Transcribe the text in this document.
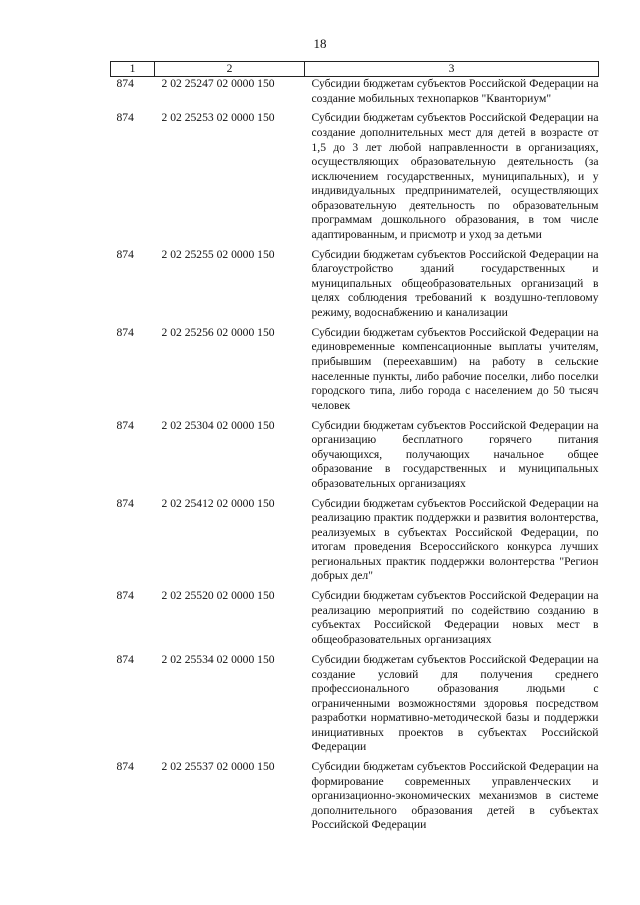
18
1	2	3
874	2 02 25247 02 0000 150	Субсидии бюджетам субъектов Российской Федерации на создание мобильных технопарков "Кванториум"
874	2 02 25253 02 0000 150	Субсидии бюджетам субъектов Российской Федерации на создание дополнительных мест для детей в возрасте от 1,5 до 3 лет любой направленности в организациях, осуществляющих образовательную деятельность (за исключением государственных, муниципальных), и у индивидуальных предпринимателей, осуществляющих образовательную деятельность по образовательным программам дошкольного образования, в том числе адаптированным, и присмотр и уход за детьми
874	2 02 25255 02 0000 150	Субсидии бюджетам субъектов Российской Федерации на благоустройство зданий государственных и муниципальных общеобразовательных организаций в целях соблюдения требований к воздушно-тепловому режиму, водоснабжению и канализации
874	2 02 25256 02 0000 150	Субсидии бюджетам субъектов Российской Федерации на единовременные компенсационные выплаты учителям, прибывшим (переехавшим) на работу в сельские населенные пункты, либо рабочие поселки, либо поселки городского типа, либо города с населением до 50 тысяч человек
874	2 02 25304 02 0000 150	Субсидии бюджетам субъектов Российской Федерации на организацию бесплатного горячего питания обучающихся, получающих начальное общее образование в государственных и муниципальных образовательных организациях
874	2 02 25412 02 0000 150	Субсидии бюджетам субъектов Российской Федерации на реализацию практик поддержки и развития волонтерства, реализуемых в субъектах Российской Федерации, по итогам проведения Всероссийского конкурса лучших региональных практик поддержки волонтерства "Регион добрых дел"
874	2 02 25520 02 0000 150	Субсидии бюджетам субъектов Российской Федерации на реализацию мероприятий по содействию созданию в субъектах Российской Федерации новых мест в общеобразовательных организациях
874	2 02 25534 02 0000 150	Субсидии бюджетам субъектов Российской Федерации на создание условий для получения среднего профессионального образования людьми с ограниченными возможностями здоровья посредством разработки нормативно-методической базы и поддержки инициативных проектов в субъектах Российской Федерации
874	2 02 25537 02 0000 150	Субсидии бюджетам субъектов Российской Федерации на формирование современных управленческих и организационно-экономических механизмов в системе дополнительного образования детей в субъектах Российской Федерации
